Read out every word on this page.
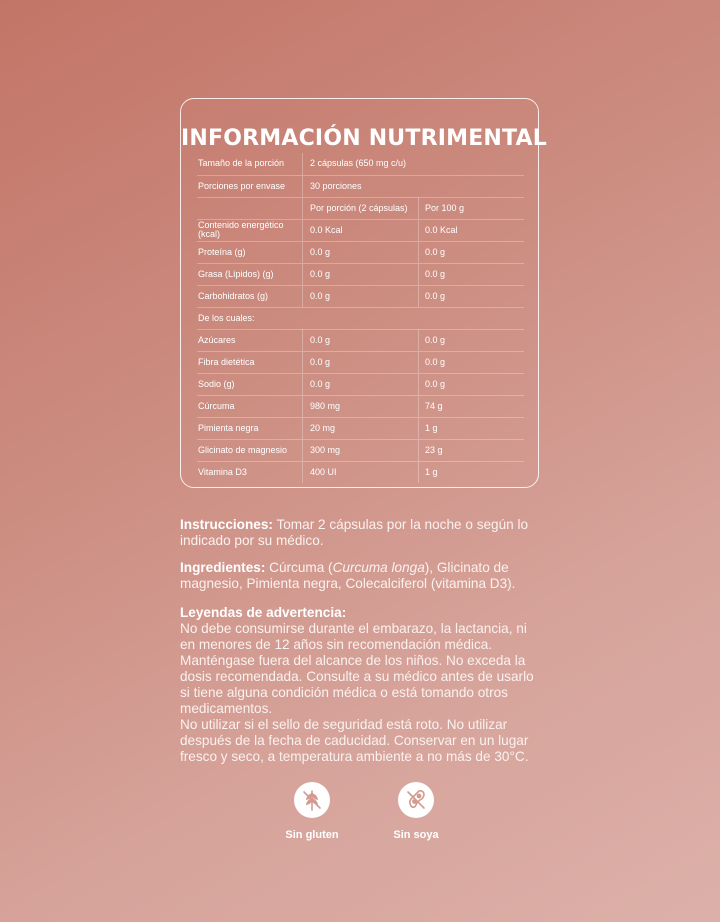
INFORMACIÓN NUTRIMENTAL
Tamaño de la porción	2 cápsulas (650 mg c/u)	
Porciones por envase	30 porciones	
	Por porción (2 cápsulas)	Por 100 g
Contenido energético (kcal)	0.0 Kcal	0.0 Kcal
Proteína (g)	0.0 g	0.0 g
Grasa (Lípidos) (g)	0.0 g	0.0 g
Carbohidratos (g)	0.0 g	0.0 g
De los cuales:		
Azúcares	0.0 g	0.0 g
Fibra dietética	0.0 g	0.0 g
Sodio (g)	0.0 g	0.0 g
Cúrcuma	980 mg	74 g
Pimienta negra	20 mg	1 g
Glicinato de magnesio	300 mg	23 g
Vitamina D3	400 UI	1 g
Instrucciones: Tomar 2 cápsulas por la noche o según lo indicado por su médico.
Ingredientes: Cúrcuma (Curcuma longa), Glicinato de magnesio, Pimienta negra, Colecalciferol (vitamina D3).
Leyendas de advertencia:
No debe consumirse durante el embarazo, la lactancia, ni en menores de 12 años sin recomendación médica. Manténgase fuera del alcance de los niños. No exceda la dosis recomendada. Consulte a su médico antes de usarlo si tiene alguna condición médica o está tomando otros medicamentos.
No utilizar si el sello de seguridad está roto. No utilizar después de la fecha de caducidad. Conservar en un lugar fresco y seco, a temperatura ambiente a no más de 30°C.
Sin gluten	Sin soya
